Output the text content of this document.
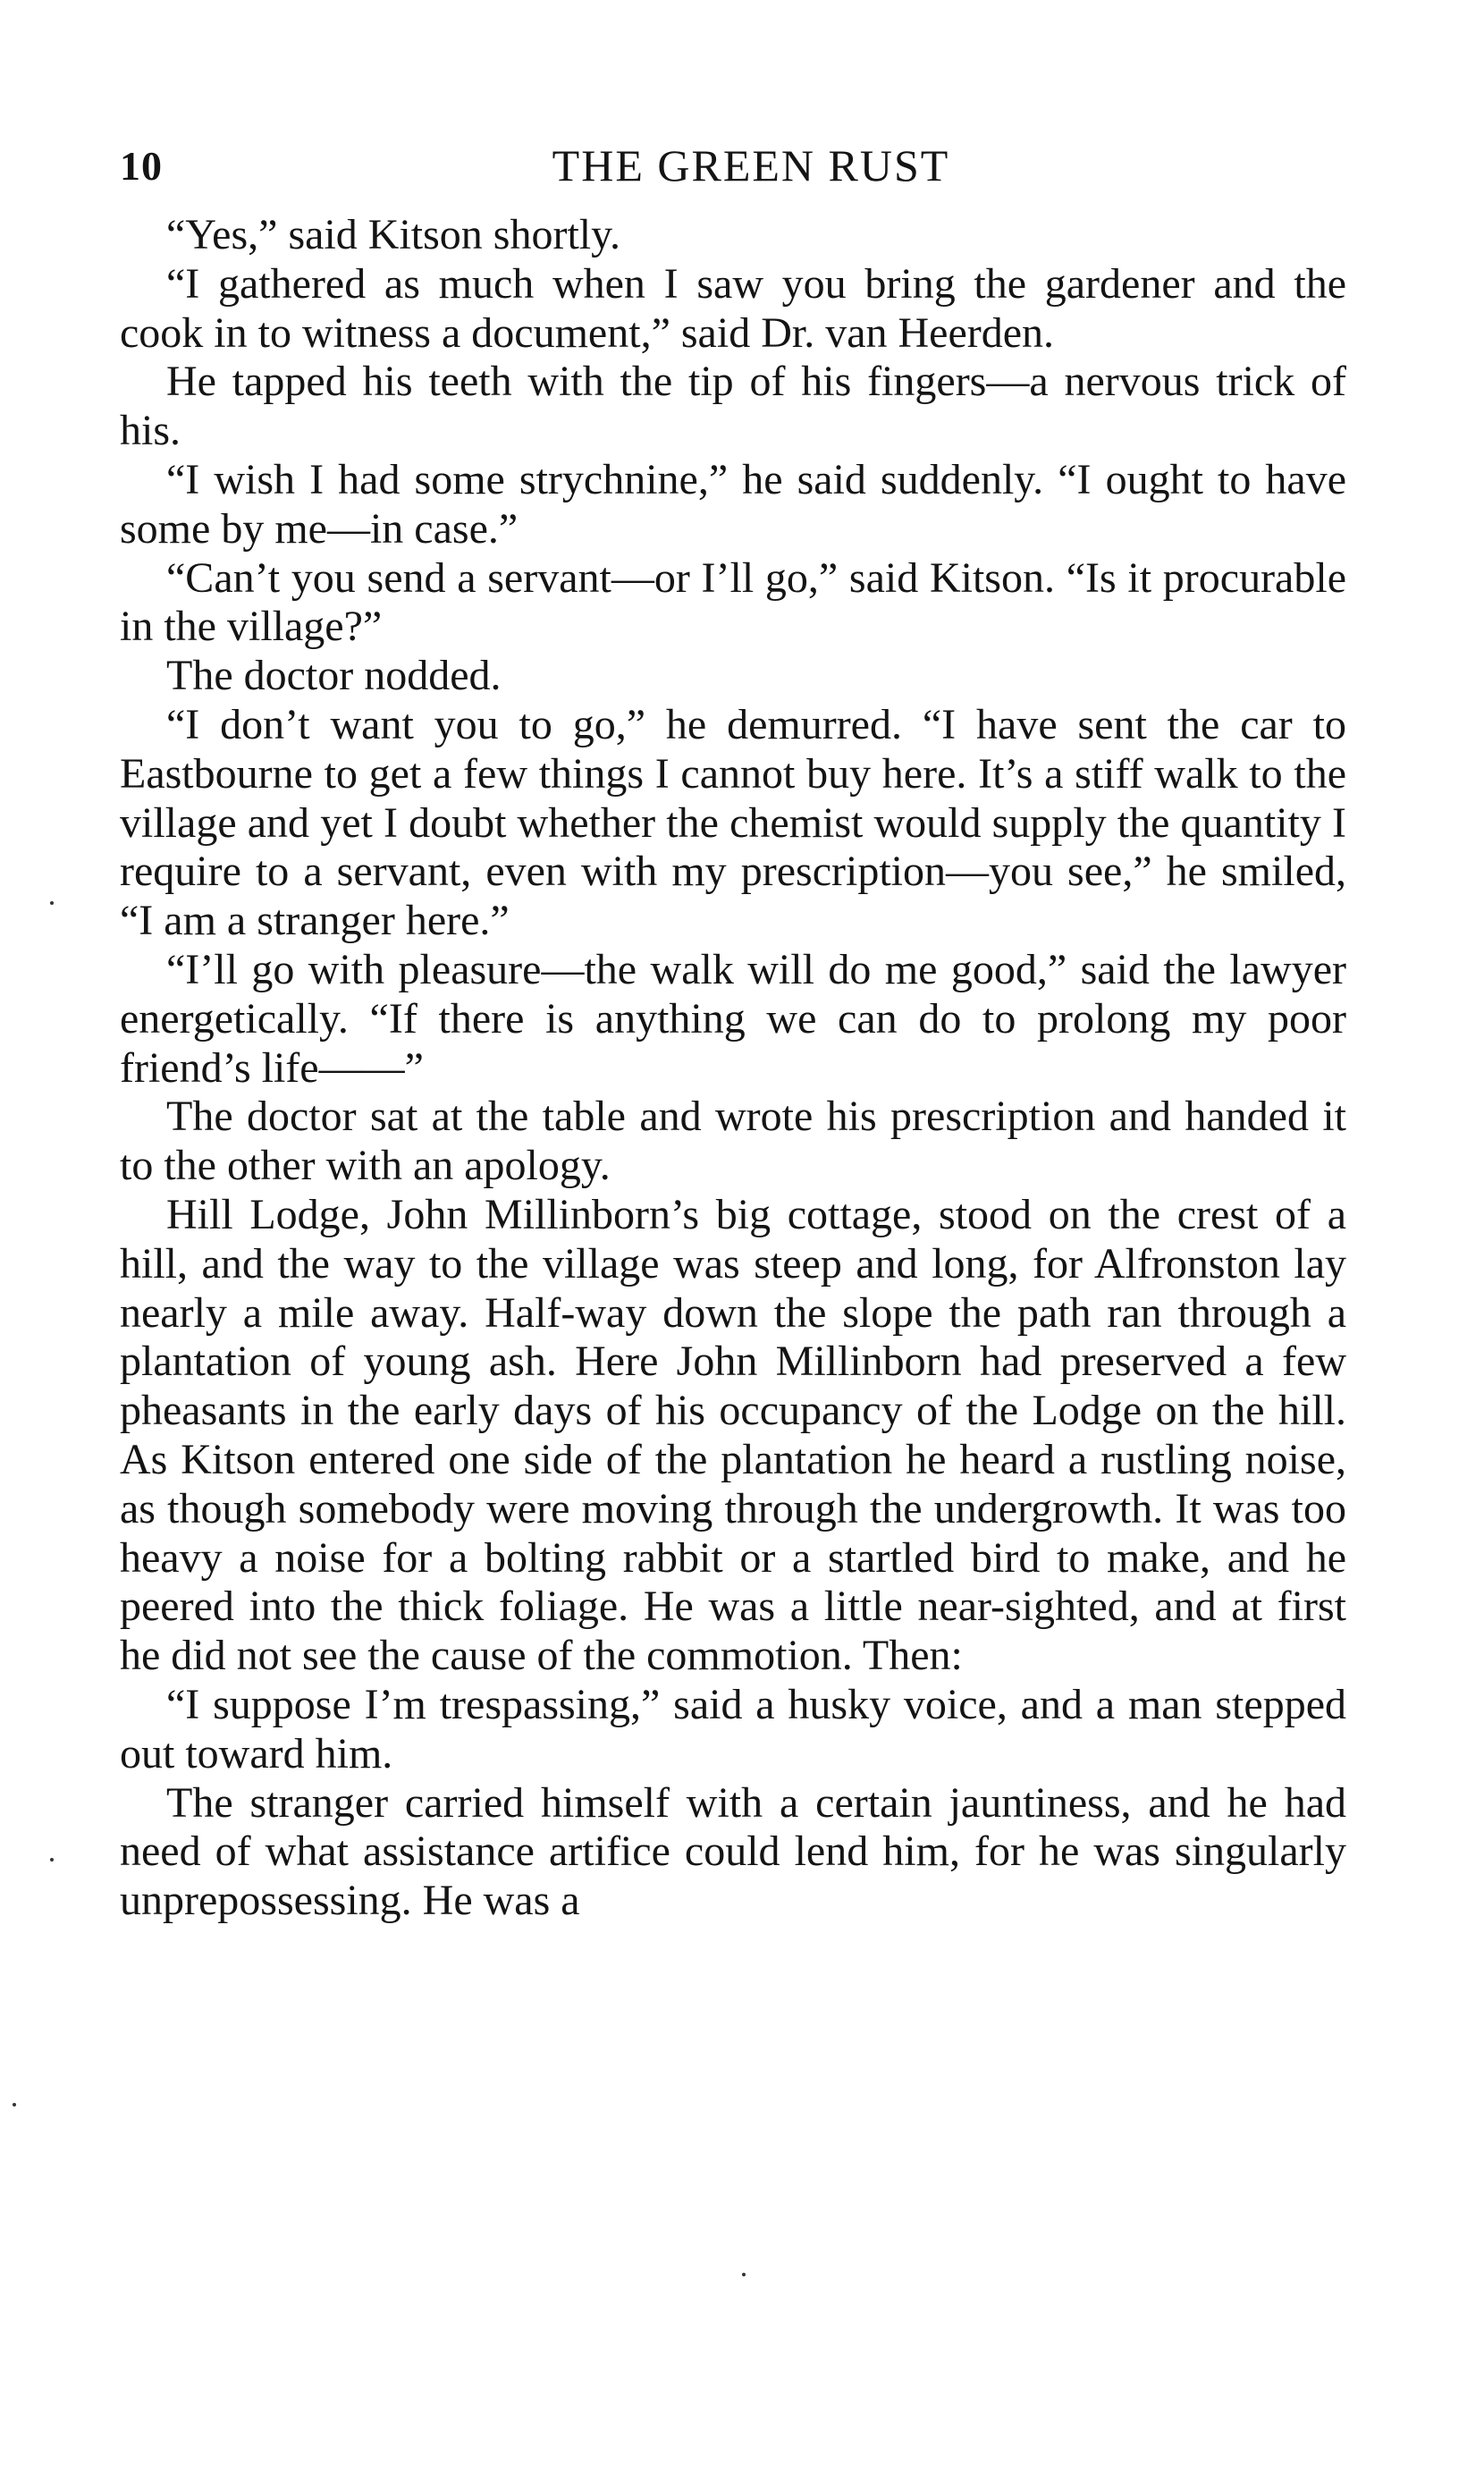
10	THE GREEN RUST

“Yes,” said Kitson shortly.

“I gathered as much when I saw you bring the gardener and the cook in to witness a document,” said Dr. van Heerden.

He tapped his teeth with the tip of his fingers—a nervous trick of his.

“I wish I had some strychnine,” he said suddenly. “I ought to have some by me—in case.”

“Can’t you send a servant—or I’ll go,” said Kitson. “Is it procurable in the village?”

The doctor nodded.

“I don’t want you to go,” he demurred. “I have sent the car to Eastbourne to get a few things I cannot buy here. It’s a stiff walk to the village and yet I doubt whether the chemist would supply the quantity I require to a servant, even with my prescription—you see,” he smiled, “I am a stranger here.”

“I’ll go with pleasure—the walk will do me good,” said the lawyer energetically. “If there is anything we can do to prolong my poor friend’s life——”

The doctor sat at the table and wrote his prescription and handed it to the other with an apology.

Hill Lodge, John Millinborn’s big cottage, stood on the crest of a hill, and the way to the village was steep and long, for Alfronston lay nearly a mile away. Half-way down the slope the path ran through a plantation of young ash. Here John Millinborn had preserved a few pheasants in the early days of his occupancy of the Lodge on the hill. As Kitson entered one side of the plantation he heard a rustling noise, as though somebody were moving through the undergrowth. It was too heavy a noise for a bolting rabbit or a startled bird to make, and he peered into the thick foliage. He was a little near-sighted, and at first he did not see the cause of the commotion. Then:

“I suppose I’m trespassing,” said a husky voice, and a man stepped out toward him.

The stranger carried himself with a certain jauntiness, and he had need of what assistance artifice could lend him, for he was singularly unprepossessing. He was a
